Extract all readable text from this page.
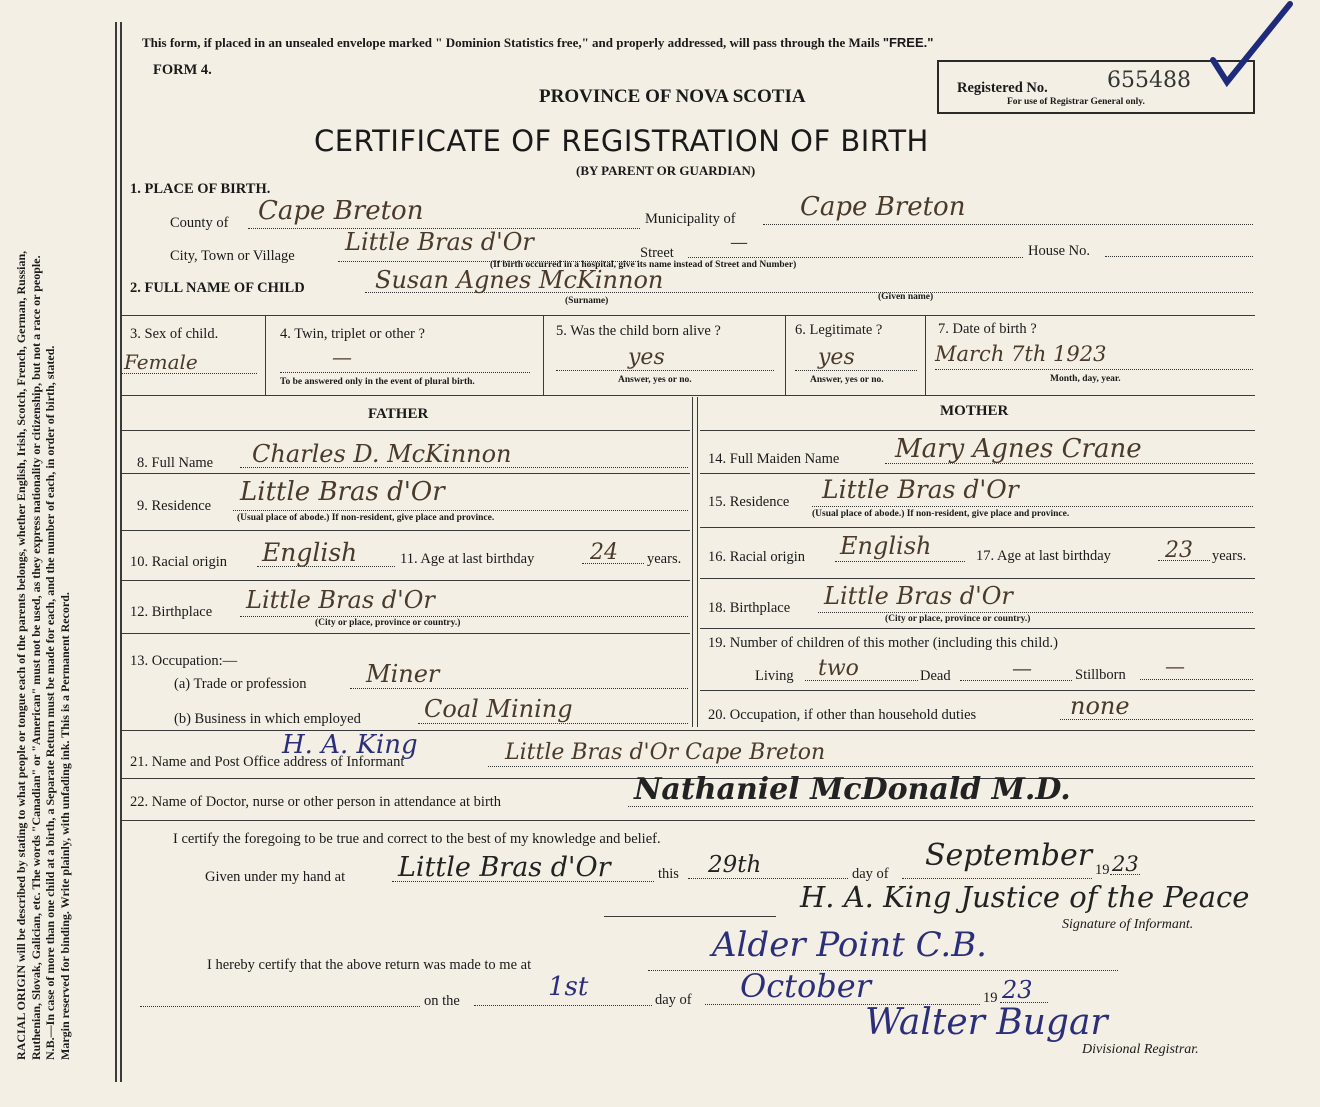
RACIAL ORIGIN will be described by stating to what people or tongue each of the parents belongs, whether English, Irish, Scotch, French, German, Russian, Ruthenian, Slovak, Galician, etc. The words "Canadian" or "American" must not be used, as they express nationality or citizenship, but not a race or people. N.B.—In case of more than one child at a birth, a Separate Return must be made for each, and the number of each, in order of birth, stated. Margin reserved for binding. Write plainly, with unfading ink. This is a Permanent Record.
This form, if placed in an unsealed envelope marked " Dominion Statistics free," and properly addressed, will pass through the Mails "FREE."
FORM 4.
PROVINCE OF NOVA SCOTIA
CERTIFICATE OF REGISTRATION OF BIRTH
(BY PARENT OR GUARDIAN)
Registered No.	655488
For use of Registrar General only.
1. PLACE OF BIRTH.
County of Cape Breton	Municipality of Cape Breton
City, Town or Village Little Bras d'Or	Street	—	House No.
(If birth occurred in a hospital, give its name instead of Street and Number)
2. FULL NAME OF CHILD	Susan Agnes McKinnon
(Surname)	(Given name)
3. Sex of child.
Female
4. Twin, triplet or other ?
—
To be answered only in the event of plural birth.
5. Was the child born alive ?
yes
Answer, yes or no.
6. Legitimate ?
yes
Answer, yes or no.
7. Date of birth ?
March 7th 1923
Month, day, year.
FATHER	MOTHER
8. Full Name Charles D. McKinnon
9. Residence Little Bras d'Or
(Usual place of abode.) If non-resident, give place and province.
10. Racial origin English	11. Age at last birthday	24 years.
12. Birthplace Little Bras d'Or
(City or place, province or country.)
13. Occupation:—
(a) Trade or profession Miner
(b) Business in which employed	Coal Mining
14. Full Maiden Name Mary Agnes Crane
15. Residence Little Bras d'Or
(Usual place of abode.) If non-resident, give place and province.
16. Racial origin English	17. Age at last birthday 23 years.
18. Birthplace Little Bras d'Or
(City or place, province or country.)
19. Number of children of this mother (including this child.)
Living two	Dead	—	Stillborn —
20. Occupation, if other than household duties	none
21. Name and Post Office address of Informant
H. A. King	Little Bras d'Or Cape Breton
22. Name of Doctor, nurse or other person in attendance at birth	Nathaniel McDonald M.D.
I certify the foregoing to be true and correct to the best of my knowledge and belief.
Given under my hand at Little Bras d'Or	this 29th	day of
September 19 23
H. A. King Justice of the Peace
Signature of Informant.
I hereby certify that the above return was made to me at	Alder Point C.B.
on the	1st	day of October	19 23
Walter Bugar
Divisional Registrar.
